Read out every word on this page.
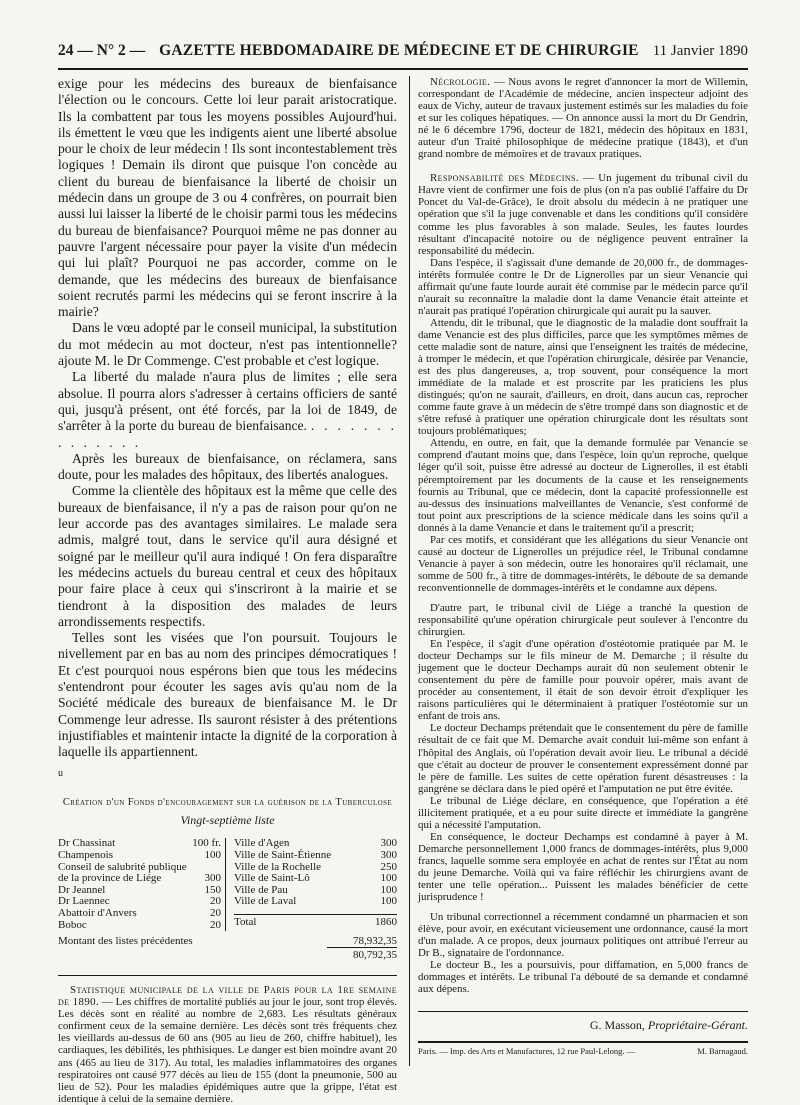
24 — N° 2 — GAZETTE HEBDOMADAIRE DE MÉDECINE ET DE CHIRURGIE 11 Janvier 1890

exige pour les médecins des bureaux de bienfaisance l'élection ou le concours. Cette loi leur parait aristocratique. Ils la combattent par tous les moyens possibles Aujourd'hui. ils émettent le vœu que les indigents aient une liberté absolue pour le choix de leur médecin ! Ils sont incontestablement très logiques ! Demain ils diront que puisque l'on concède au client du bureau de bienfaisance la liberté de choisir un médecin dans un groupe de 3 ou 4 confrères, on pourrait bien aussi lui laisser la liberté de le choisir parmi tous les médecins du bureau de bienfaisance? Pourquoi même ne pas donner au pauvre l'argent nécessaire pour payer la visite d'un médecin qui lui plaît? Pourquoi ne pas accorder, comme on le demande, que les médecins des bureaux de bienfaisance soient recrutés parmi les médecins qui se feront inscrire à la mairie?

Dans le vœu adopté par le conseil municipal, la substitution du mot médecin au mot docteur, n'est pas intentionnelle? ajoute M. le Dr Commenge. C'est probable et c'est logique.

La liberté du malade n'aura plus de limites ; elle sera absolue. Il pourra alors s'adresser à certains officiers de santé qui, jusqu'à présent, ont été forcés, par la loi de 1849, de s'arrêter à la porte du bureau de bienfaisance. . . . . . . . . . . . . . .

Après les bureaux de bienfaisance, on réclamera, sans doute, pour les malades des hôpitaux, des libertés analogues.

Comme la clientèle des hôpitaux est la même que celle des bureaux de bienfaisance, il n'y a pas de raison pour qu'on ne leur accorde pas des avantages similaires. Le malade sera admis, malgré tout, dans le service qu'il aura désigné et soigné par le meilleur qu'il aura indiqué ! On fera disparaître les médecins actuels du bureau central et ceux des hôpitaux pour faire place à ceux qui s'inscriront à la mairie et se tiendront à la disposition des malades de leurs arrondissements respectifs.

Telles sont les visées que l'on poursuit. Toujours le nivellement par en bas au nom des principes démocratiques ! Et c'est pourquoi nous espérons bien que tous les médecins s'entendront pour écouter les sages avis qu'au nom de la Société médicale des bureaux de bienfaisance M. le Dr Commenge leur adresse. Ils sauront résister à des prétentions injustifiables et maintenir intacte la dignité de la corporation à laquelle ils appartiennent.

u
Création d'un Fonds d'encouragement sur la guérison de la Tuberculose
Vingt-septième liste
Dr Chassinat	100 fr.
Champenois	100
Conseil de salubrité publique
de la province de Liége	300
Dr Jeannel	150
Dr Laennec	20
Abattoir d'Anvers	20
Boboc	20
Ville d'Agen	300
Ville de Saint-Étienne	300
Ville de la Rochelle	250
Ville de Saint-Lô	100
Ville de Pau	100
Ville de Laval	100
Total	1860
Montant des listes précédentes	78,932,35
80,792,35

Statistique municipale de la ville de Paris pour la 1re semaine de 1890. — Les chiffres de mortalité publiés au jour le jour, sont trop élevés. Les décès sont en réalité au nombre de 2,683. Les résultats généraux confirment ceux de la semaine dernière. Les décès sont très fréquents chez les vieillards au-dessus de 60 ans (905 au lieu de 260, chiffre habituel), les cardiaques, les débilités, les phthisiques. Le danger est bien moindre avant 20 ans (465 au lieu de 317). Au total, les maladies inflammatoires des organes respiratoires ont causé 977 décès au lieu de 155 (dont la pneumonie, 500 au lieu de 52). Pour les maladies épidémiques autre que la grippe, l'état est identique à celui de la semaine dernière.

Nécrologie. — Nous avons le regret d'annoncer la mort de Willemin, correspondant de l'Académie de médecine, ancien inspecteur adjoint des eaux de Vichy, auteur de travaux justement estimés sur les maladies du foie et sur les coliques hépatiques. — On annonce aussi la mort du Dr Gendrin, né le 6 décembre 1796, docteur de 1821, médecin des hôpitaux en 1831, auteur d'un Traité philosophique de médecine pratique (1843), et d'un grand nombre de mémoires et de travaux pratiques.

Responsabilité des Médecins. — Un jugement du tribunal civil du Havre vient de confirmer une fois de plus (on n'a pas oublié l'affaire du Dr Poncet du Val-de-Grâce), le droit absolu du médecin à ne pratiquer une opération que s'il la juge convenable et dans les conditions qu'il considère comme les plus favorables à son malade. Seules, les fautes lourdes résultant d'incapacité notoire ou de négligence peuvent entraîner la responsabilité du médecin.

Dans l'espèce, il s'agissait d'une demande de 20,000 fr., de dommages-intérêts formulée contre le Dr de Lignerolles par un sieur Venancie qui affirmait qu'une faute lourde aurait été commise par le médecin parce qu'il n'aurait su reconnaître la maladie dont la dame Venancie était atteinte et n'aurait pas pratiqué l'opération chirurgicale qui aurait pu la sauver.

Attendu, dit le tribunal, que le diagnostic de la maladie dont souffrait la dame Venancie est des plus difficiles, parce que les symptômes mêmes de cette maladie sont de nature, ainsi que l'enseignent les traités de médecine, à tromper le médecin, et que l'opération chirurgicale, désirée par Venancie, est des plus dangereuses, a, trop souvent, pour conséquence la mort immédiate de la malade et est proscrite par les praticiens les plus distingués; qu'on ne saurait, d'ailleurs, en droit, dans aucun cas, reprocher comme faute grave à un médecin de s'être trompé dans son diagnostic et de s'être refusé à pratiquer une opération chirurgicale dont les résultats sont toujours problématiques;

Attendu, en outre, en fait, que la demande formulée par Venancie se comprend d'autant moins que, dans l'espèce, loin qu'un reproche, quelque léger qu'il soit, puisse être adressé au docteur de Lignerolles, il est établi péremptoirement par les documents de la cause et les renseignements fournis au Tribunal, que ce médecin, dont la capacité professionnelle est au-dessus des insinuations malveillantes de Venancie, s'est conformé de tout point aux prescriptions de la science médicale dans les soins qu'il a donnés à la dame Venancie et dans le traitement qu'il a prescrit;

Par ces motifs, et considérant que les allégations du sieur Venancie ont causé au docteur de Lignerolles un préjudice réel, le Tribunal condamne Venancie à payer à son médecin, outre les honoraires qu'il réclamait, une somme de 500 fr., à titre de dommages-intérêts, le déboute de sa demande reconventionnelle de dommages-intérêts et le condamne aux dépens.

D'autre part, le tribunal civil de Liége a tranché la question de responsabilité qu'une opération chirurgicale peut soulever à l'encontre du chirurgien.

En l'espèce, il s'agit d'une opération d'ostéotomie pratiquée par M. le docteur Dechamps sur le fils mineur de M. Demarche ; il résulte du jugement que le docteur Dechamps aurait dû non seulement obtenir le consentement du père de famille pour pouvoir opérer, mais avant de procéder au consentement, il était de son devoir étroit d'expliquer les raisons particulières qui le déterminaient à pratiquer l'ostéotomie sur un enfant de trois ans.

Le docteur Dechamps prétendait que le consentement du père de famille résultait de ce fait que M. Demarche avait conduit lui-même son enfant à l'hôpital des Anglais, où l'opération devait avoir lieu. Le tribunal a décidé que c'était au docteur de prouver le consentement expressément donné par le père de famille. Les suites de cette opération furent désastreuses : la gangrène se déclara dans le pied opéré et l'amputation ne put être évitée.

Le tribunal de Liége déclare, en conséquence, que l'opération a été illicitement pratiquée, et a eu pour suite directe et immédiate la gangrène qui a nécessité l'amputation.

En conséquence, le docteur Dechamps est condamné à payer à M. Demarche personnellement 1,000 francs de dommages-intérêts, plus 9,000 francs, laquelle somme sera employée en achat de rentes sur l'État au nom du jeune Demarche. Voilà qui va faire réfléchir les chirurgiens avant de tenter une telle opération... Puissent les malades bénéficier de cette jurisprudence !

Un tribunal correctionnel a récemment condamné un pharmacien et son élève, pour avoir, en exécutant vicieusement une ordonnance, causé la mort d'un malade. A ce propos, deux journaux politiques ont attribué l'erreur au Dr B., signataire de l'ordonnance.

Le docteur B., les a poursuivis, pour diffamation, en 5,000 francs de dommages et intérêts. Le tribunal l'a débouté de sa demande et condamné aux dépens.

G. Masson, Propriétaire-Gérant.
Paris. — Imp. des Arts et Manufactures, 12 rue Paul-Lelong. —	M. Barnagaud.
